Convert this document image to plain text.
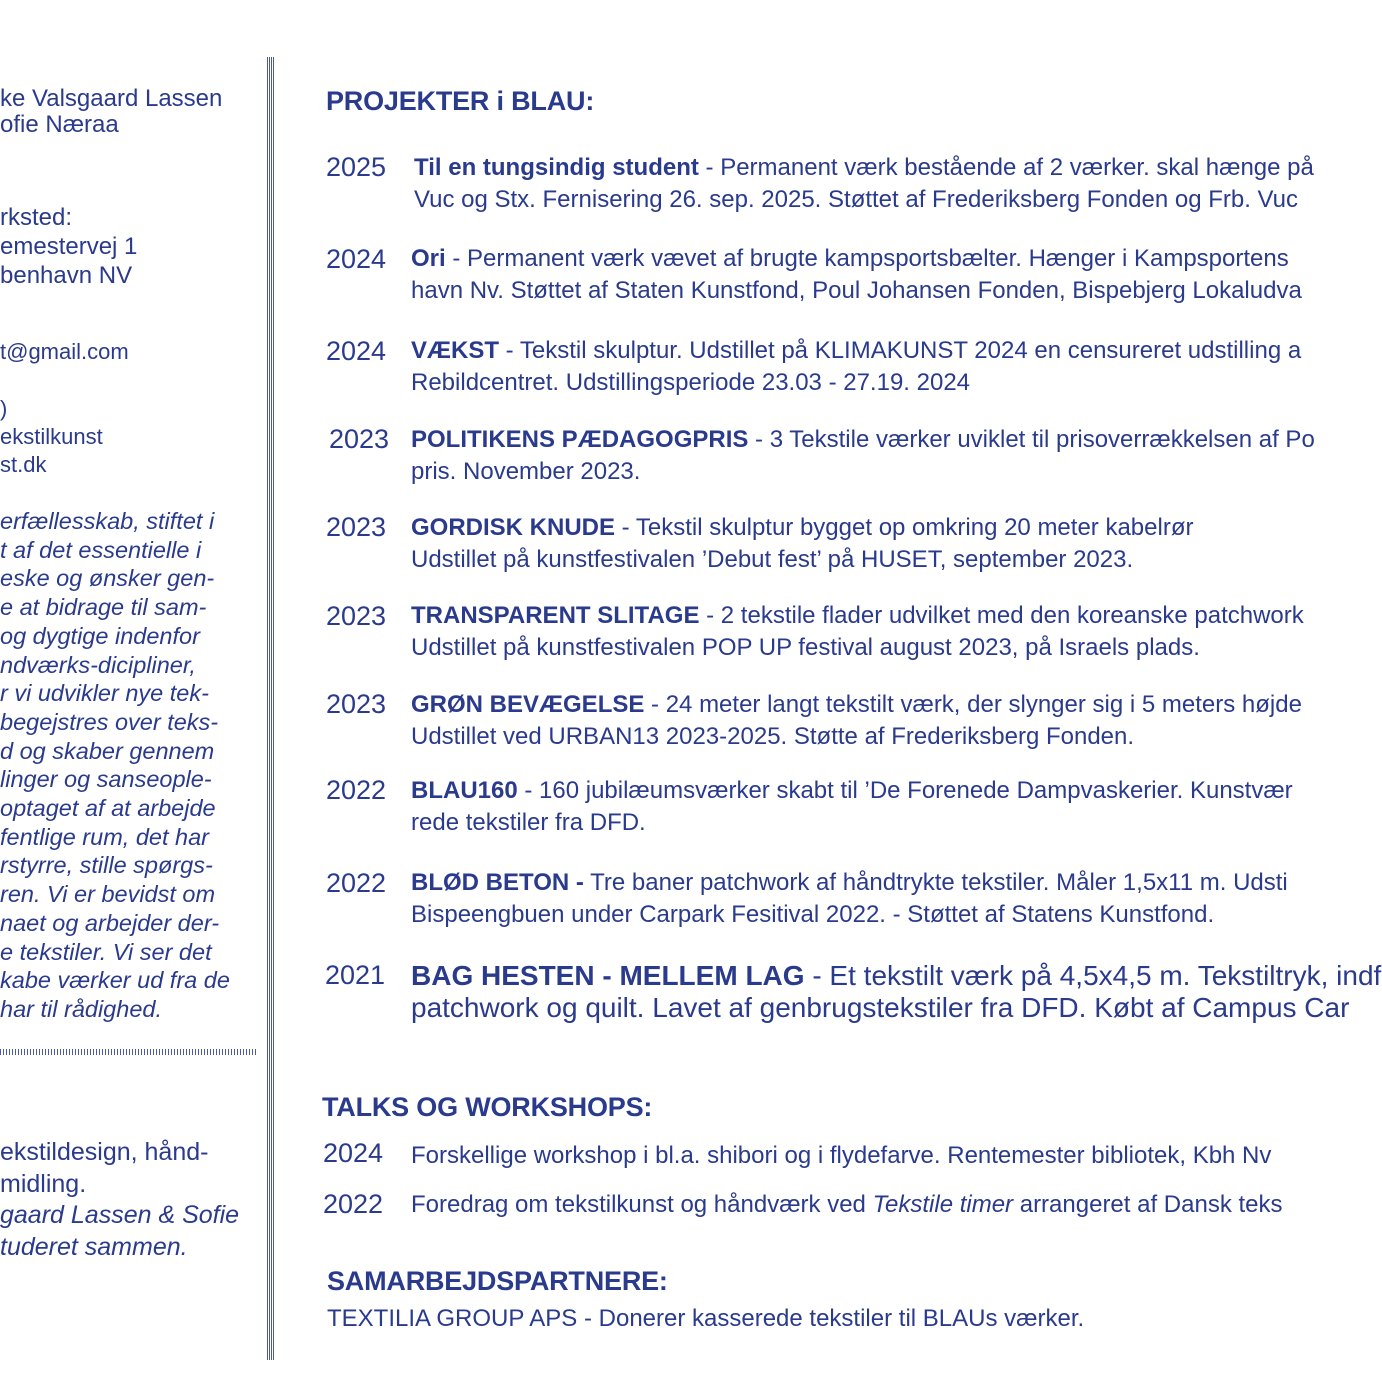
ke Valsgaard Lassen
ofie Næraa
rksted:
emestervej 1
benhavn NV
t@gmail.com
)
ekstilkunst
st.dk
erfællesskab, stiftet i
t af det essentielle i
eske og ønsker gen-
e at bidrage til sam-
og dygtige indenfor
ndværks-dicipliner,
r vi udvikler nye tek-
begejstres over teks-
d og skaber gennem
linger og sanseople-
optaget af at arbejde
fentlige rum, det har
rstyrre, stille spørgs-
ren. Vi er bevidst om
naet og arbejder der-
e tekstiler. Vi ser det
kabe værker ud fra de
har til rådighed.
ekstildesign, hånd-
midling.
gaard Lassen & Sofie
tuderet sammen.
PROJEKTER i BLAU:
2025 Til en tungsindig student - Permanent værk bestående af 2 værker. skal hænge på
Vuc og Stx. Fernisering 26. sep. 2025. Støttet af Frederiksberg Fonden og Frb. Vuc
2024 Ori - Permanent værk vævet af brugte kampsportsbælter. Hænger i Kampsportens
havn Nv. Støttet af Staten Kunstfond, Poul Johansen Fonden, Bispebjerg Lokaludva
2024 VÆKST - Tekstil skulptur. Udstillet på KLIMAKUNST 2024 en censureret udstilling a
Rebildcentret. Udstillingsperiode 23.03 - 27.19. 2024
2023 POLITIKENS PÆDAGOGPRIS - 3 Tekstile værker uviklet til prisoverrækkelsen af Po
pris. November 2023.
2023 GORDISK KNUDE - Tekstil skulptur bygget op omkring 20 meter kabelrør
Udstillet på kunstfestivalen ’Debut fest’ på HUSET, september 2023.
2023 TRANSPARENT SLITAGE - 2 tekstile flader udvilket med den koreanske patchwork
Udstillet på kunstfestivalen POP UP festival august 2023, på Israels plads.
2023 GRØN BEVÆGELSE - 24 meter langt tekstilt værk, der slynger sig i 5 meters højde
Udstillet ved URBAN13 2023-2025. Støtte af Frederiksberg Fonden.
2022 BLAU160 - 160 jubilæumsværker skabt til ’De Forenede Dampvaskerier. Kunstvær
rede tekstiler fra DFD.
2022 BLØD BETON - Tre baner patchwork af håndtrykte tekstiler. Måler 1,5x11 m. Udsti
Bispeengbuen under Carpark Fesitival 2022. - Støttet af Statens Kunstfond.
2021 BAG HESTEN - MELLEM LAG - Et tekstilt værk på 4,5x4,5 m. Tekstiltryk, indf
patchwork og quilt. Lavet af genbrugstekstiler fra DFD. Købt af Campus Car
TALKS OG WORKSHOPS:
2024 Forskellige workshop i bl.a. shibori og i flydefarve. Rentemester bibliotek, Kbh Nv
2022 Foredrag om tekstilkunst og håndværk ved Tekstile timer arrangeret af Dansk teks
SAMARBEJDSPARTNERE:
TEXTILIA GROUP APS - Donerer kasserede tekstiler til BLAUs værker.
